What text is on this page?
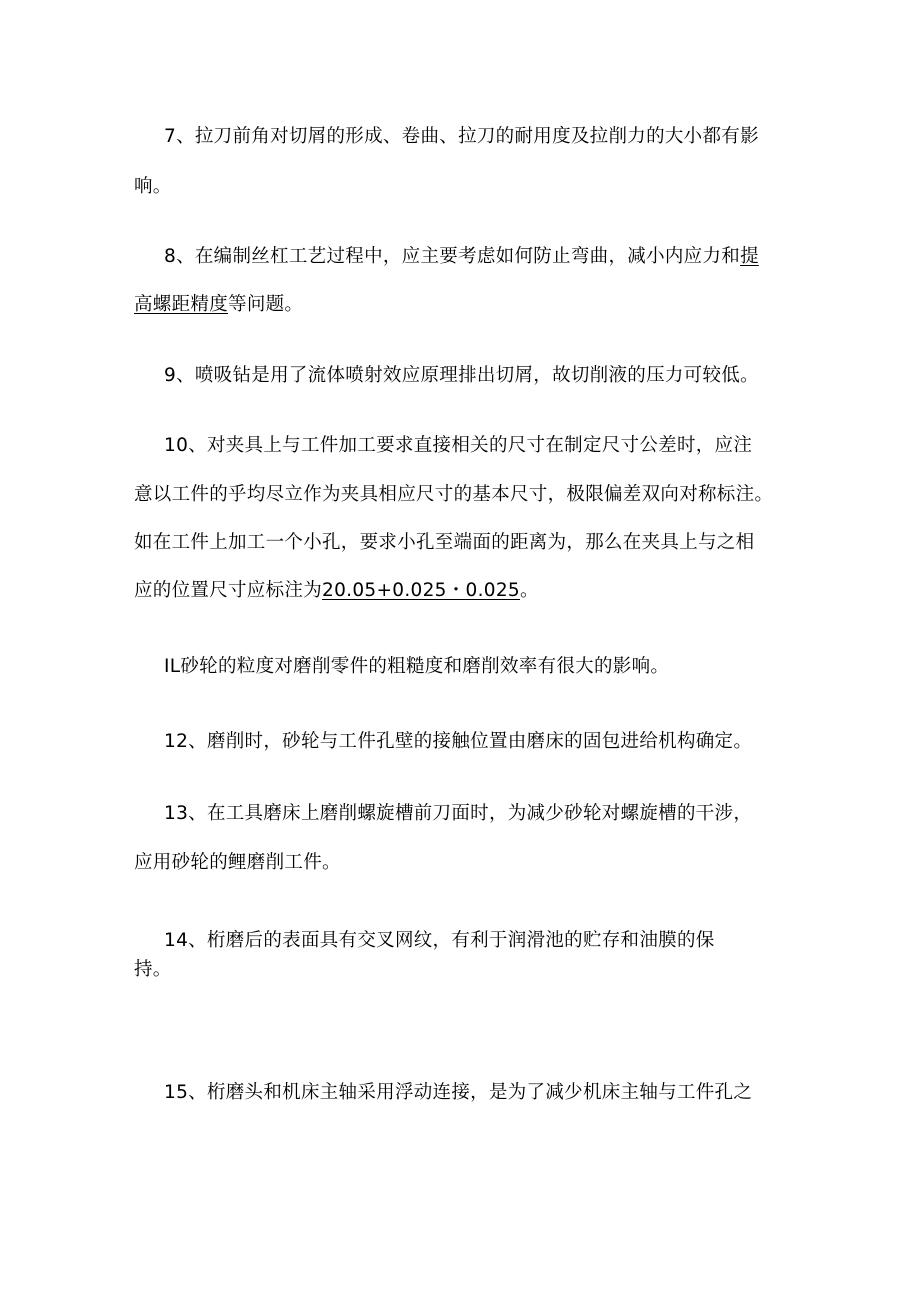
7、拉刀前角对切屑的形成、卷曲、拉刀的耐用度及拉削力的大小都有影
响。
8、在编制丝杠工艺过程中，应主要考虑如何防止弯曲，减小内应力和提
高螺距精度等问题。
9、喷吸钻是用了流体喷射效应原理排出切屑，故切削液的压力可较低。
10、对夹具上与工件加工要求直接相关的尺寸在制定尺寸公差时，应注
意以工件的乎均尽立作为夹具相应尺寸的基本尺寸，极限偏差双向对称标注。
如在工件上加工一个小孔，要求小孔至端面的距离为，那么在夹具上与之相
应的位置尺寸应标注为20.05+0.025・0.025。
IL砂轮的粒度对磨削零件的粗糙度和磨削效率有很大的影响。
12、磨削时，砂轮与工件孔壁的接触位置由磨床的固包进给机构确定。
13、在工具磨床上磨削螺旋槽前刀面时，为减少砂轮对螺旋槽的干涉，
应用砂轮的鲤磨削工件。
14、桁磨后的表面具有交叉网纹，有利于润滑池的贮存和油膜的保
持。
15、桁磨头和机床主轴采用浮动连接，是为了减少机床主轴与工件孔之
